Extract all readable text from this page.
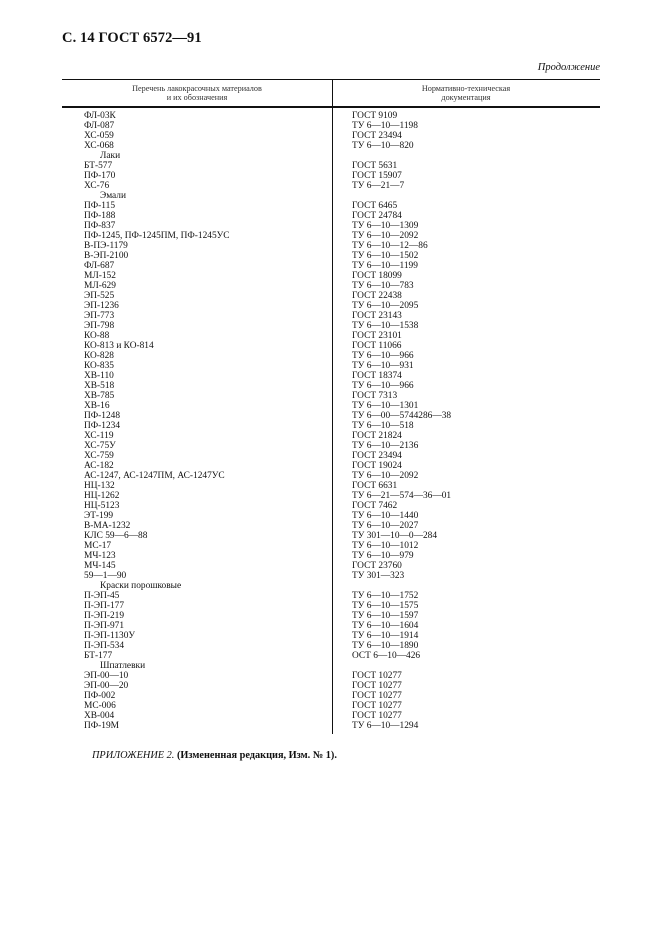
С. 14 ГОСТ 6572—91
Продолжение
Перечень лакокрасочных материалов
и их обозначения
Нормативно-техническая
документация
ФЛ-03К	ГОСТ 9109
ФЛ-087	ТУ 6—10—1198
ХС-059	ГОСТ 23494
ХС-068	ТУ 6—10—820
Лаки
БТ-577	ГОСТ 5631
ПФ-170	ГОСТ 15907
ХС-76	ТУ 6—21—7
Эмали
ПФ-115	ГОСТ 6465
ПФ-188	ГОСТ 24784
ПФ-837	ТУ 6—10—1309
ПФ-1245, ПФ-1245ПМ, ПФ-1245УС	ТУ 6—10—2092
В-ПЭ-1179	ТУ 6—10—12—86
В-ЭП-2100	ТУ 6—10—1502
ФЛ-687	ТУ 6—10—1199
МЛ-152	ГОСТ 18099
МЛ-629	ТУ 6—10—783
ЭП-525	ГОСТ 22438
ЭП-1236	ТУ 6—10—2095
ЭП-773	ГОСТ 23143
ЭП-798	ТУ 6—10—1538
КО-88	ГОСТ 23101
КО-813 и КО-814	ГОСТ 11066
КО-828	ТУ 6—10—966
КО-835	ТУ 6—10—931
ХВ-110	ГОСТ 18374
ХВ-518	ТУ 6—10—966
ХВ-785	ГОСТ 7313
ХВ-16	ТУ 6—10—1301
ПФ-1248	ТУ 6—00—5744286—38
ПФ-1234	ТУ 6—10—518
ХС-119	ГОСТ 21824
ХС-75У	ТУ 6—10—2136
ХС-759	ГОСТ 23494
АС-182	ГОСТ 19024
АС-1247, АС-1247ПМ, АС-1247УС	ТУ 6—10—2092
НЦ-132	ГОСТ 6631
НЦ-1262	ТУ 6—21—574—36—01
НЦ-5123	ГОСТ 7462
ЭТ-199	ТУ 6—10—1440
В-МА-1232	ТУ 6—10—2027
КЛС 59—6—88	ТУ 301—10—0—284
МС-17	ТУ 6—10—1012
МЧ-123	ТУ 6—10—979
МЧ-145	ГОСТ 23760
59—1—90	ТУ 301—323
Краски порошковые
П-ЭП-45	ТУ 6—10—1752
П-ЭП-177	ТУ 6—10—1575
П-ЭП-219	ТУ 6—10—1597
П-ЭП-971	ТУ 6—10—1604
П-ЭП-1130У	ТУ 6—10—1914
П-ЭП-534	ТУ 6—10—1890
БТ-177	ОСТ 6—10—426
Шпатлевки
ЭП-00—10	ГОСТ 10277
ЭП-00—20	ГОСТ 10277
ПФ-002	ГОСТ 10277
МС-006	ГОСТ 10277
ХВ-004	ГОСТ 10277
ПФ-19М	ТУ 6—10—1294
ПРИЛОЖЕНИЕ 2. (Измененная редакция, Изм. № 1).
